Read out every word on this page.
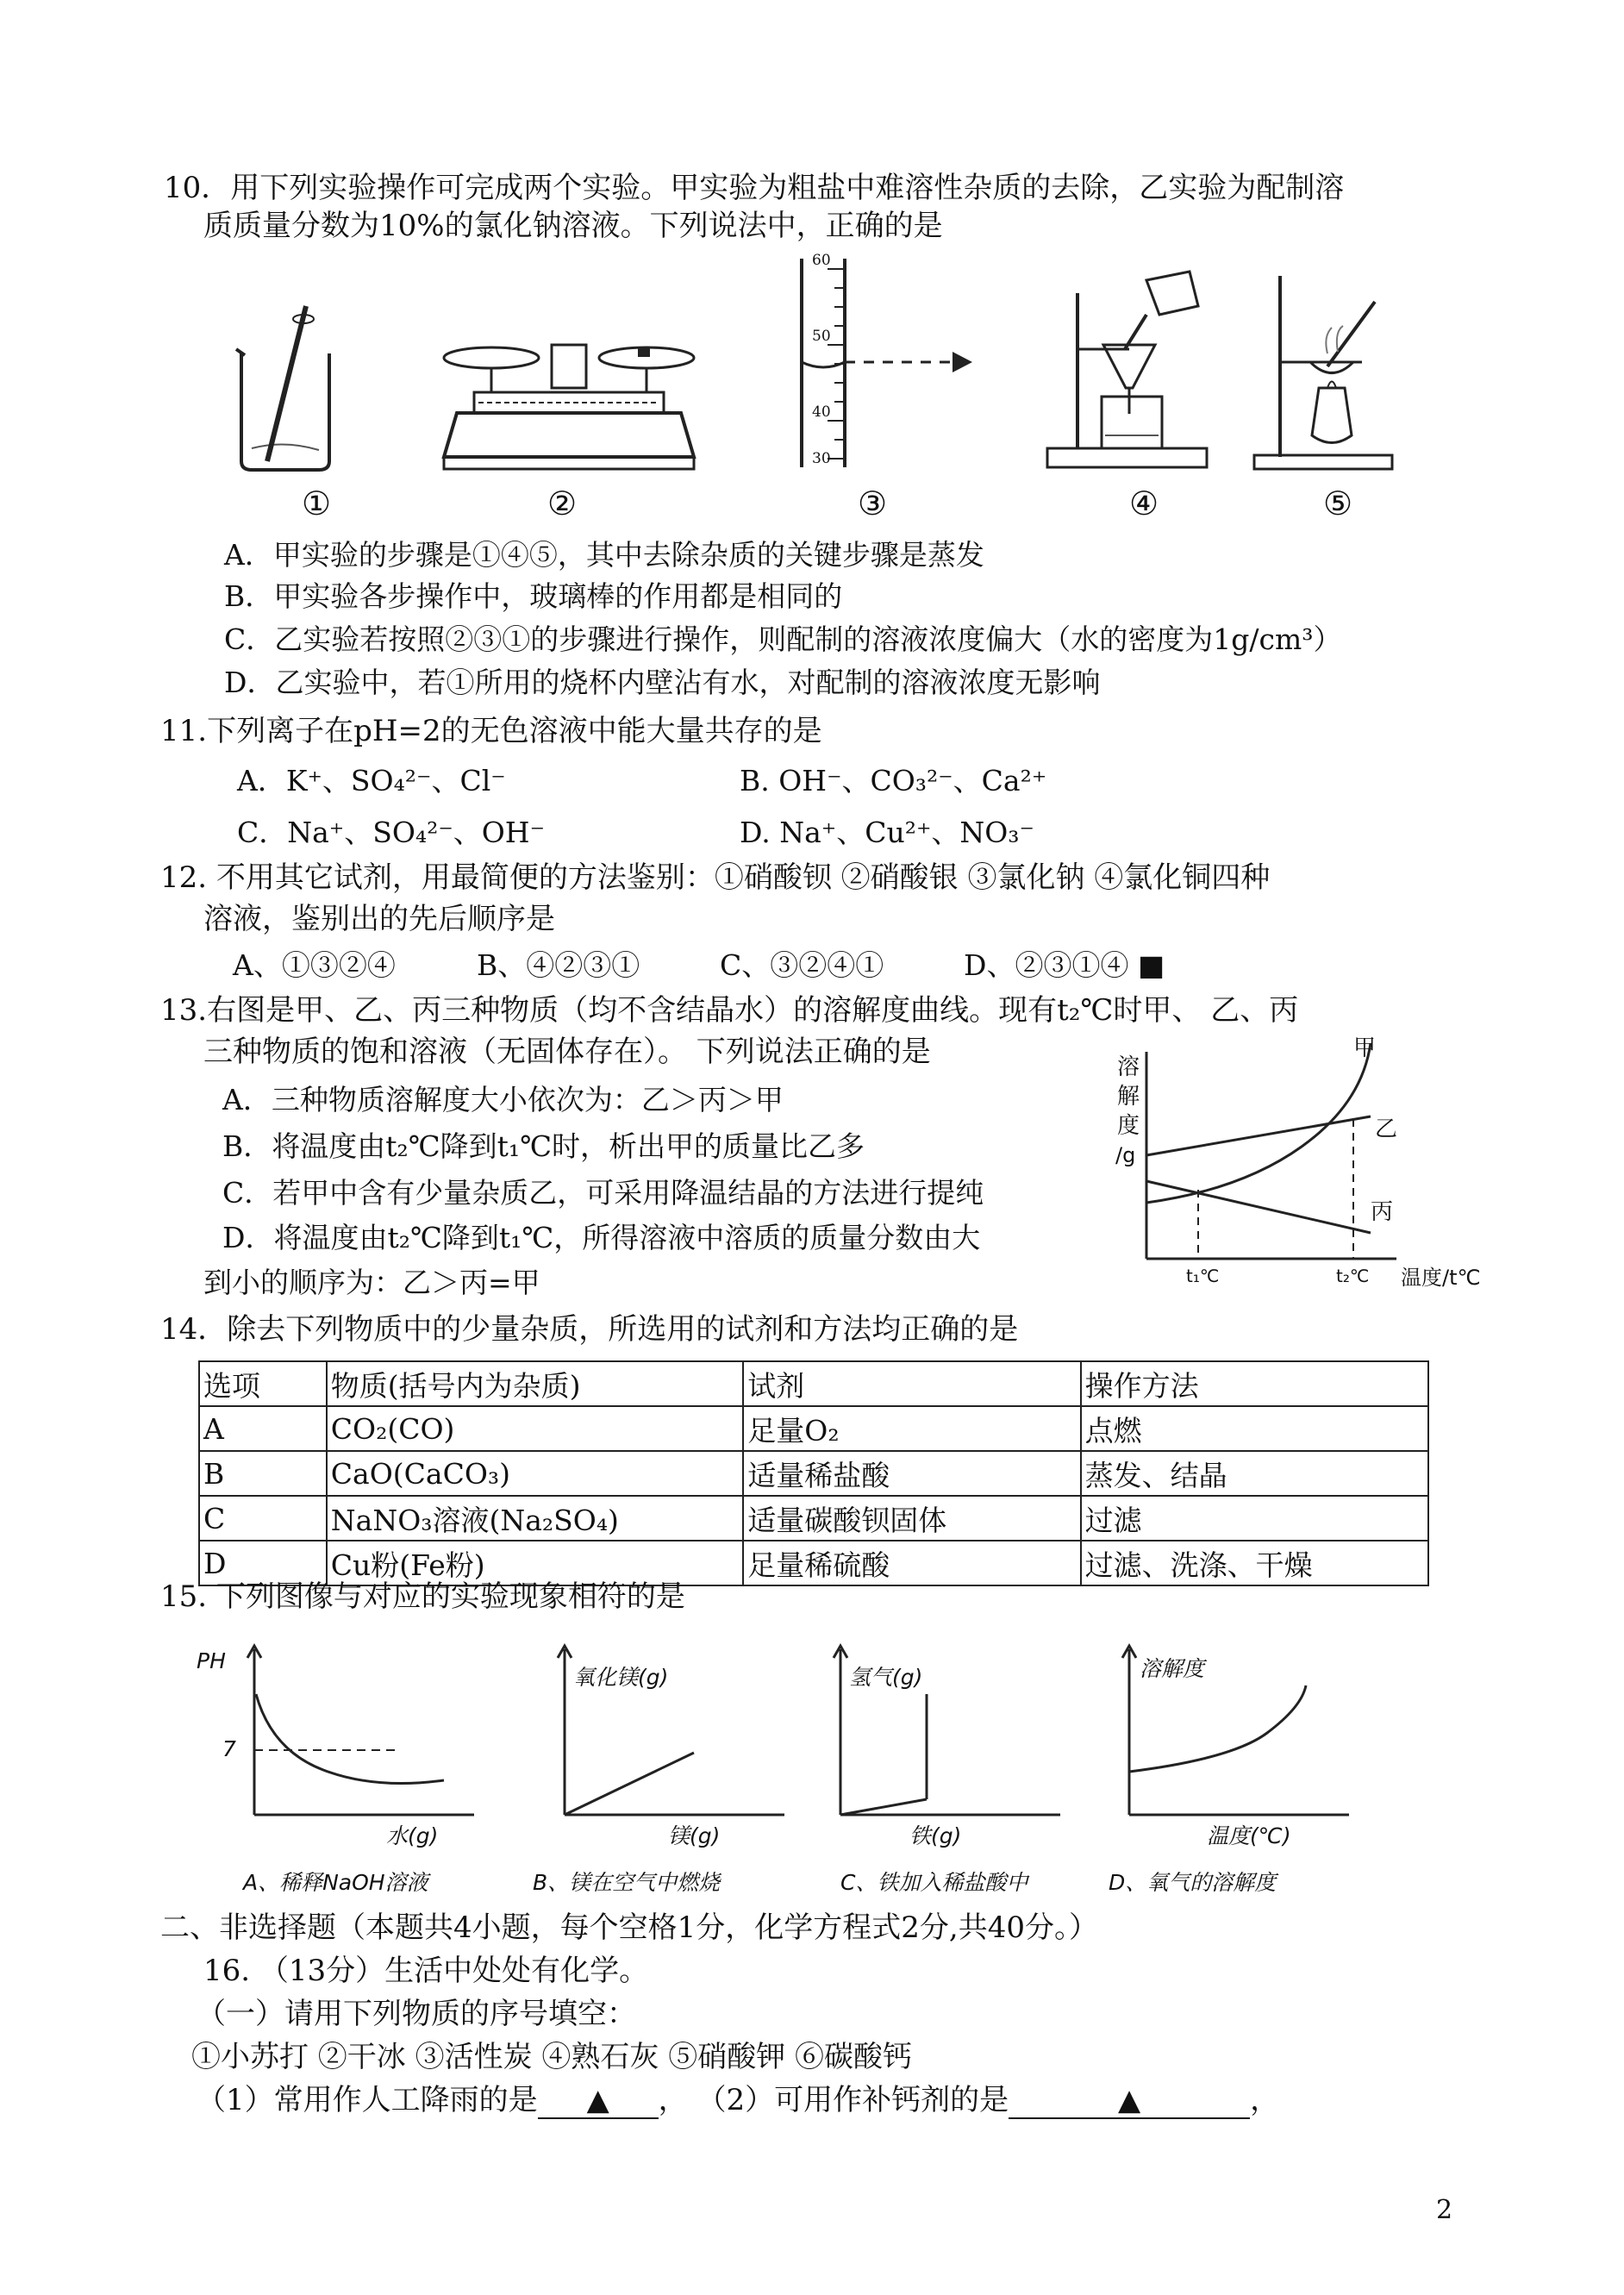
10．用下列实验操作可完成两个实验。甲实验为粗盐中难溶性杂质的去除，乙实验为配制溶
质质量分数为10%的氯化钠溶液。下列说法中，正确的是
60
50
40
30
①	②	③	④	⑤
A．甲实验的步骤是①④⑤，其中去除杂质的关键步骤是蒸发
B．甲实验各步操作中，玻璃棒的作用都是相同的
C．乙实验若按照②③①的步骤进行操作，则配制的溶液浓度偏大（水的密度为1g/cm³）
D．乙实验中，若①所用的烧杯内壁沾有水，对配制的溶液浓度无影响
11.下列离子在pH=2的无色溶液中能大量共存的是
A．K⁺、SO₄²⁻、Cl⁻	B. OH⁻、CO₃²⁻、Ca²⁺
C．Na⁺、SO₄²⁻、OH⁻	D. Na⁺、Cu²⁺、NO₃⁻
12. 不用其它试剂，用最简便的方法鉴别：①硝酸钡 ②硝酸银 ③氯化钠 ④氯化铜四种
溶液，鉴别出的先后顺序是
A、①③②④	B、④②③①	C、③②④①	D、②③①④ ■
13.右图是甲、乙、丙三种物质（均不含结晶水）的溶解度曲线。现有t₂℃时甲、 乙、丙
三种物质的饱和溶液（无固体存在）。 下列说法正确的是
A．三种物质溶解度大小依次为：乙＞丙＞甲
B．将温度由t₂℃降到t₁℃时，析出甲的质量比乙多
C．若甲中含有少量杂质乙，可采用降温结晶的方法进行提纯
D．将温度由t₂℃降到t₁℃，所得溶液中溶质的质量分数由大
到小的顺序为：乙＞丙=甲
溶
解
度
/g
甲
乙
丙
t₁℃	t₂℃ 温度/t℃
14．除去下列物质中的少量杂质，所选用的试剂和方法均正确的是
选项	物质(括号内为杂质)	试剂	操作方法
A	CO₂(CO)	足量O₂	点燃
B	CaO(CaCO₃)	适量稀盐酸	蒸发、结晶
C	NaNO₃溶液(Na₂SO₄)	适量碳酸钡固体	过滤
D	Cu粉(Fe粉)	足量稀硫酸	过滤、洗涤、干燥
15. 下列图像与对应的实验现象相符的是
PH
7
水(g)
A、稀释NaOH溶液
氧化镁(g)
镁(g)
B、镁在空气中燃烧
氢气(g)
铁(g)
C、铁加入稀盐酸中
溶解度
温度(℃)
D、氧气的溶解度
二、非选择题（本题共4小题，每个空格1分，化学方程式2分,共40分。）
16. （13分）生活中处处有化学。
（一）请用下列物质的序号填空：
①小苏打 ②干冰 ③活性炭 ④熟石灰 ⑤硝酸钾 ⑥碳酸钙
（1）常用作人工降雨的是 ▲ ， （2）可用作补钙剂的是	▲	，
2
